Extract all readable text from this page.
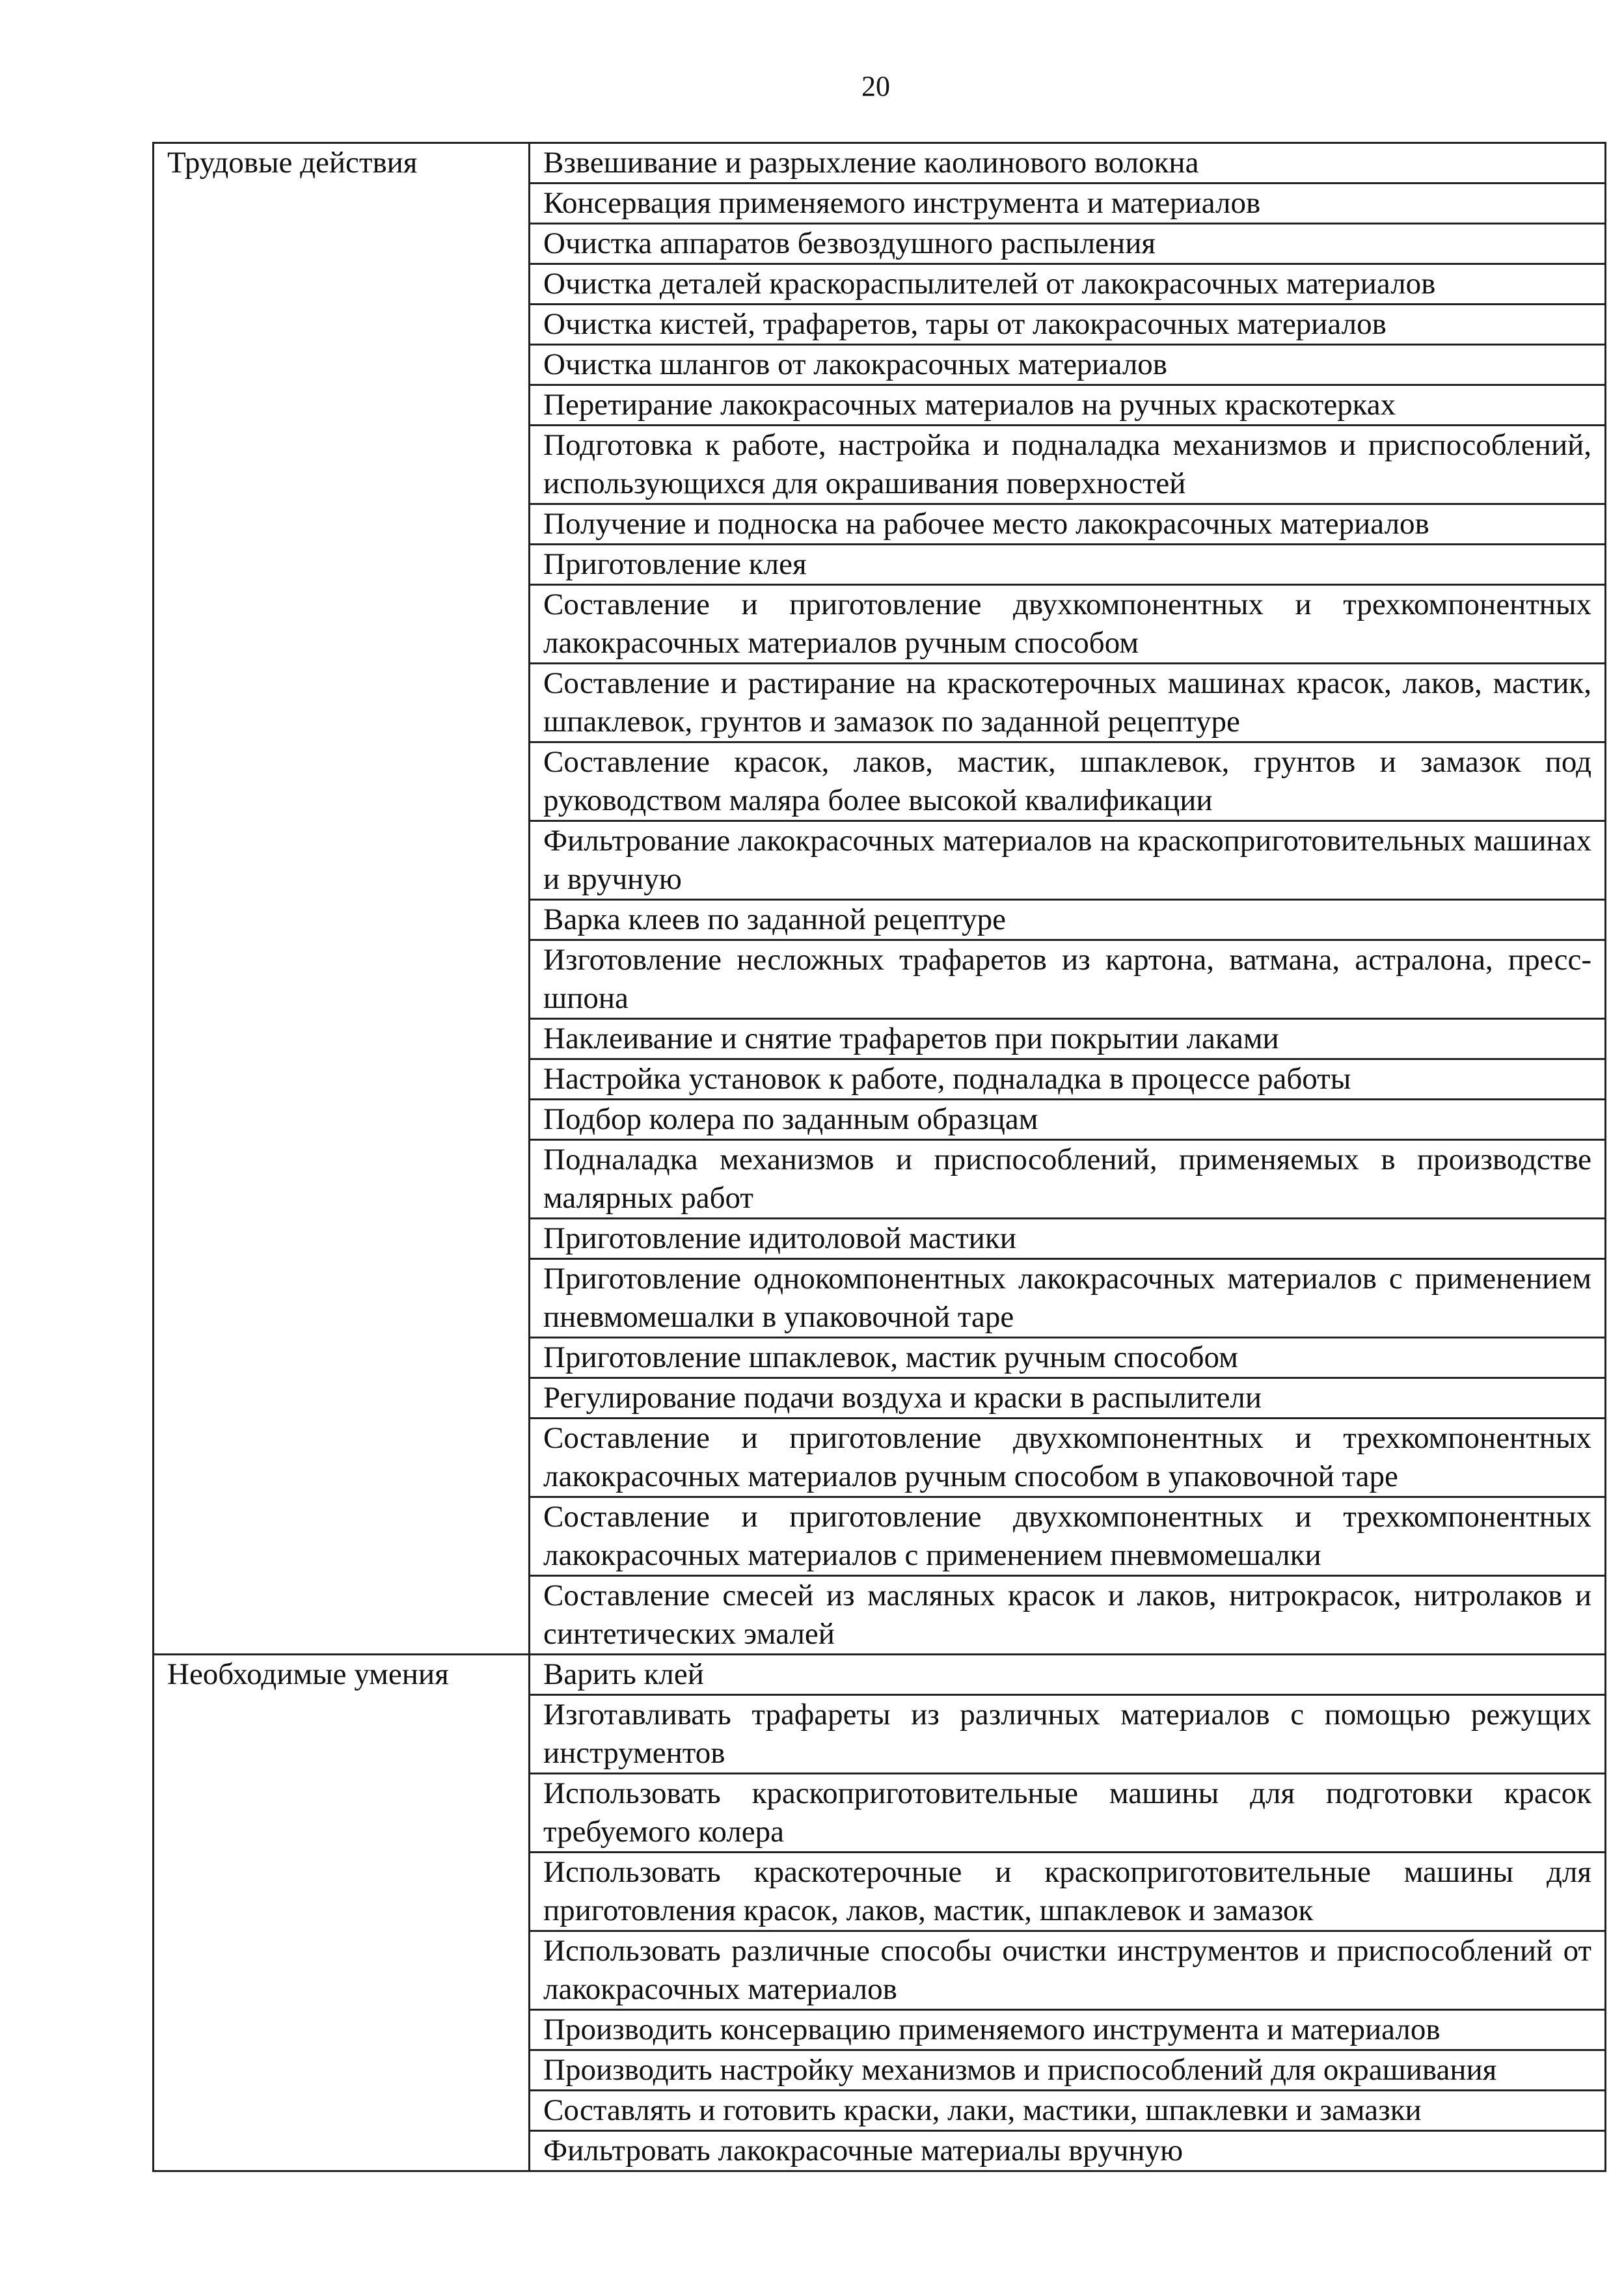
20
Трудовые действия	Взвешивание и разрыхление каолинового волокна
	Консервация применяемого инструмента и материалов
	Очистка аппаратов безвоздушного распыления
	Очистка деталей краскораспылителей от лакокрасочных материалов
	Очистка кистей, трафаретов, тары от лакокрасочных материалов
	Очистка шлангов от лакокрасочных материалов
	Перетирание лакокрасочных материалов на ручных краскотерках
	Подготовка к работе, настройка и подналадка механизмов и приспособлений, использующихся для окрашивания поверхностей
	Получение и подноска на рабочее место лакокрасочных материалов
	Приготовление клея
	Составление и приготовление двухкомпонентных и трехкомпонентных лакокрасочных материалов ручным способом
	Составление и растирание на краскотерочных машинах красок, лаков, мастик, шпаклевок, грунтов и замазок по заданной рецептуре
	Составление красок, лаков, мастик, шпаклевок, грунтов и замазок под руководством маляра более высокой квалификации
	Фильтрование лакокрасочных материалов на краскоприготовительных машинах и вручную
	Варка клеев по заданной рецептуре
	Изготовление несложных трафаретов из картона, ватмана, астралона, пресс-шпона
	Наклеивание и снятие трафаретов при покрытии лаками
	Настройка установок к работе, подналадка в процессе работы
	Подбор колера по заданным образцам
	Подналадка механизмов и приспособлений, применяемых в производстве малярных работ
	Приготовление идитоловой мастики
	Приготовление однокомпонентных лакокрасочных материалов с применением пневмомешалки в упаковочной таре
	Приготовление шпаклевок, мастик ручным способом
	Регулирование подачи воздуха и краски в распылители
	Составление и приготовление двухкомпонентных и трехкомпонентных лакокрасочных материалов ручным способом в упаковочной таре
	Составление и приготовление двухкомпонентных и трехкомпонентных лакокрасочных материалов с применением пневмомешалки
	Составление смесей из масляных красок и лаков, нитрокрасок, нитролаков и синтетических эмалей
Необходимые умения	Варить клей
	Изготавливать трафареты из различных материалов с помощью режущих инструментов
	Использовать краскоприготовительные машины для подготовки красок требуемого колера
	Использовать краскотерочные и краскоприготовительные машины для приготовления красок, лаков, мастик, шпаклевок и замазок
	Использовать различные способы очистки инструментов и приспособлений от лакокрасочных материалов
	Производить консервацию применяемого инструмента и материалов
	Производить настройку механизмов и приспособлений для окрашивания
	Составлять и готовить краски, лаки, мастики, шпаклевки и замазки
	Фильтровать лакокрасочные материалы вручную
